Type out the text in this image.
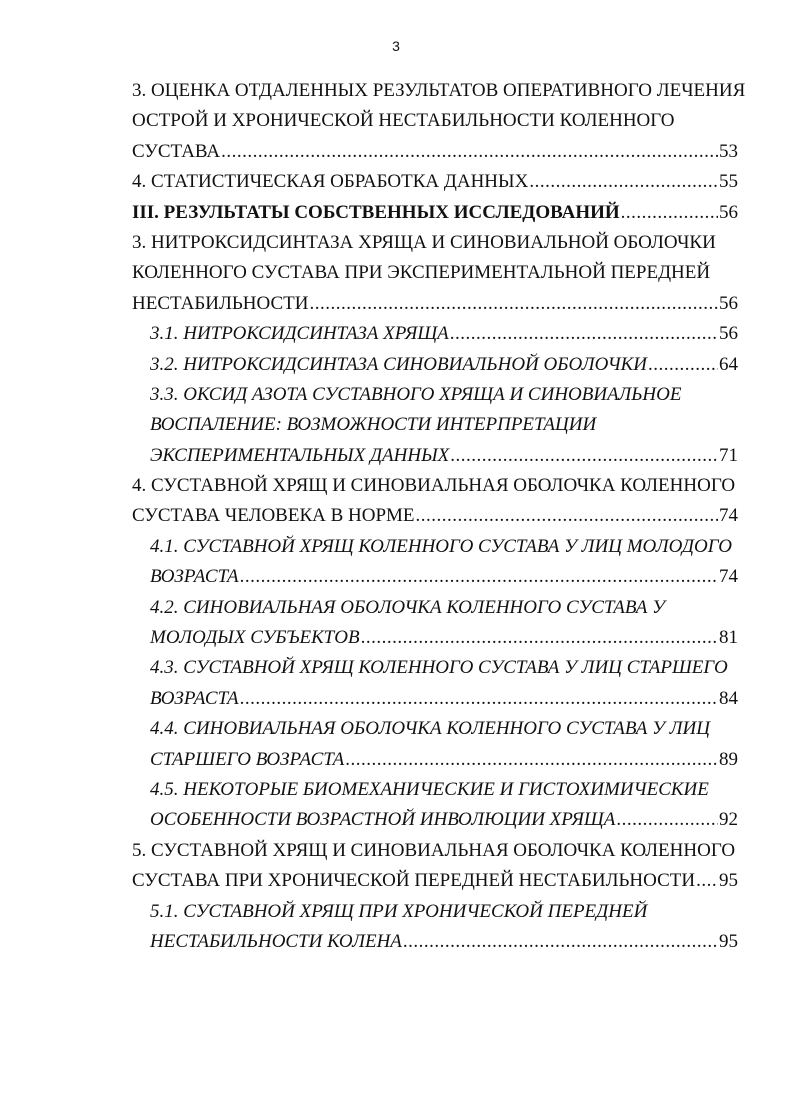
3
3. ОЦЕНКА ОТДАЛЕННЫХ РЕЗУЛЬТАТОВ ОПЕРАТИВНОГО ЛЕЧЕНИЯ
ОСТРОЙ И ХРОНИЧЕСКОЙ НЕСТАБИЛЬНОСТИ КОЛЕННОГО
СУСТАВА .....	53
4. СТАТИСТИЧЕСКАЯ ОБРАБОТКА ДАННЫХ .....	55
III. РЕЗУЛЬТАТЫ СОБСТВЕННЫХ ИССЛЕДОВАНИЙ .....	56
3. НИТРОКСИДСИНТАЗА ХРЯЩА И СИНОВИАЛЬНОЙ ОБОЛОЧКИ
КОЛЕННОГО СУСТАВА ПРИ ЭКСПЕРИМЕНТАЛЬНОЙ ПЕРЕДНЕЙ
НЕСТАБИЛЬНОСТИ .....	56
3.1. НИТРОКСИДСИНТАЗА ХРЯЩА .....	56
3.2. НИТРОКСИДСИНТАЗА СИНОВИАЛЬНОЙ ОБОЛОЧКИ .....	64
3.3. ОКСИД АЗОТА СУСТАВНОГО ХРЯЩА И СИНОВИАЛЬНОЕ
ВОСПАЛЕНИЕ: ВОЗМОЖНОСТИ ИНТЕРПРЕТАЦИИ
ЭКСПЕРИМЕНТАЛЬНЫХ ДАННЫХ .....	71
4. СУСТАВНОЙ ХРЯЩ И СИНОВИАЛЬНАЯ ОБОЛОЧКА КОЛЕННОГО
СУСТАВА ЧЕЛОВЕКА В НОРМЕ .....	74
4.1. СУСТАВНОЙ ХРЯЩ КОЛЕННОГО СУСТАВА У ЛИЦ МОЛОДОГО
ВОЗРАСТА .....	74
4.2. СИНОВИАЛЬНАЯ ОБОЛОЧКА КОЛЕННОГО СУСТАВА У
МОЛОДЫХ СУБЪЕКТОВ .....	81
4.3. СУСТАВНОЙ ХРЯЩ КОЛЕННОГО СУСТАВА У ЛИЦ СТАРШЕГО
ВОЗРАСТА .....	84
4.4. СИНОВИАЛЬНАЯ ОБОЛОЧКА КОЛЕННОГО СУСТАВА У ЛИЦ
СТАРШЕГО ВОЗРАСТА .....	89
4.5. НЕКОТОРЫЕ БИОМЕХАНИЧЕСКИЕ И ГИСТОХИМИЧЕСКИЕ
ОСОБЕННОСТИ ВОЗРАСТНОЙ ИНВОЛЮЦИИ ХРЯЩА .....	92
5. СУСТАВНОЙ ХРЯЩ И СИНОВИАЛЬНАЯ ОБОЛОЧКА КОЛЕННОГО
СУСТАВА ПРИ ХРОНИЧЕСКОЙ ПЕРЕДНЕЙ НЕСТАБИЛЬНОСТИ ..... 95
5.1. СУСТАВНОЙ ХРЯЩ ПРИ ХРОНИЧЕСКОЙ ПЕРЕДНЕЙ
НЕСТАБИЛЬНОСТИ КОЛЕНА .....	95
